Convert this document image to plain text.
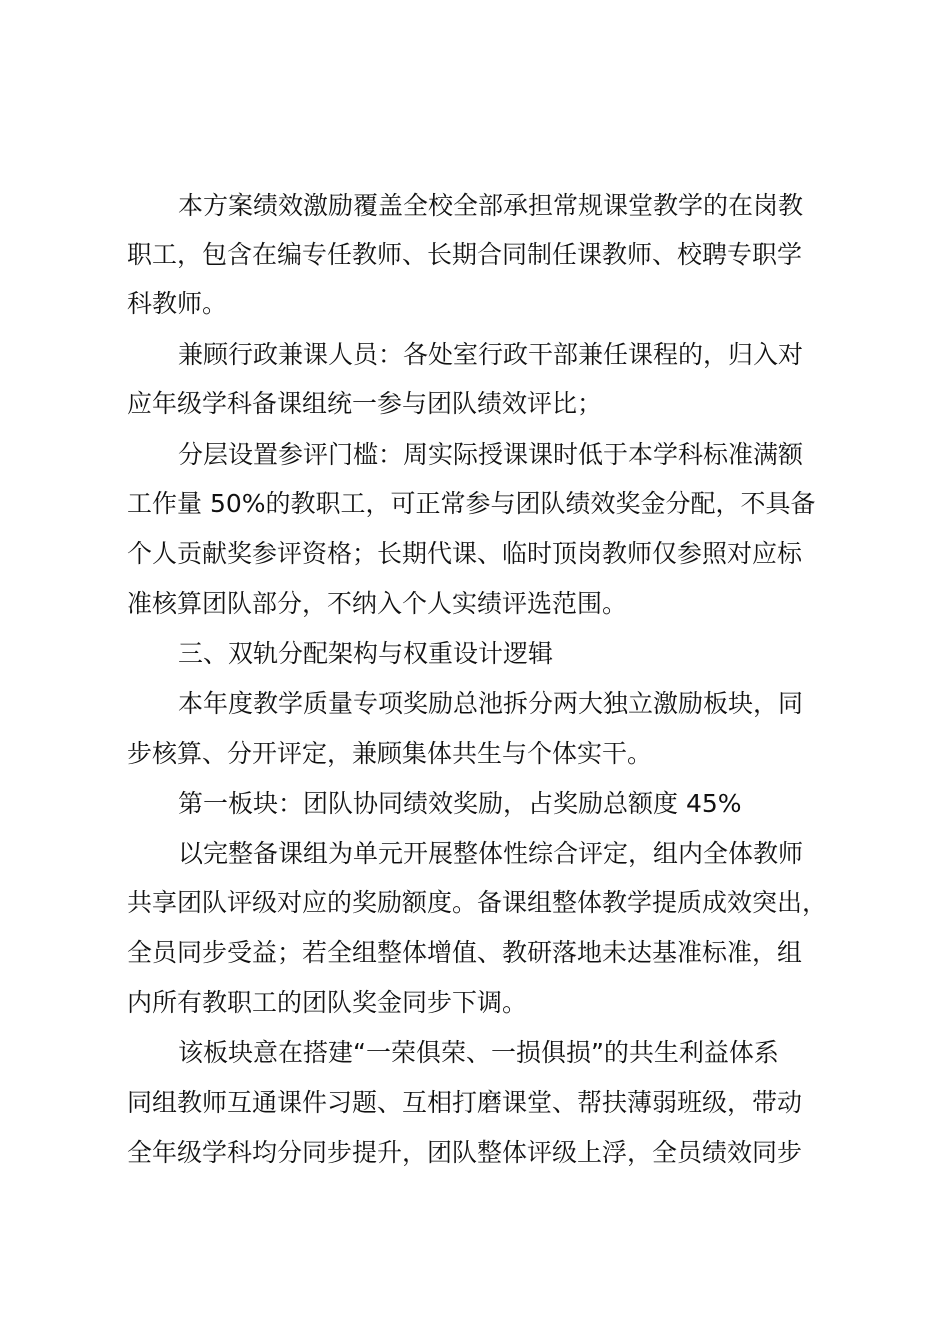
本方案绩效激励覆盖全校全部承担常规课堂教学的在岗教
职工，包含在编专任教师、长期合同制任课教师、校聘专职学
科教师。
兼顾行政兼课人员：各处室行政干部兼任课程的，归入对
应年级学科备课组统一参与团队绩效评比；
分层设置参评门槛：周实际授课课时低于本学科标准满额
工作量 50%的教职工，可正常参与团队绩效奖金分配，不具备
个人贡献奖参评资格；长期代课、临时顶岗教师仅参照对应标
准核算团队部分，不纳入个人实绩评选范围。
三、双轨分配架构与权重设计逻辑
本年度教学质量专项奖励总池拆分两大独立激励板块，同
步核算、分开评定，兼顾集体共生与个体实干。
第一板块：团队协同绩效奖励，占奖励总额度 45%
以完整备课组为单元开展整体性综合评定，组内全体教师
共享团队评级对应的奖励额度。备课组整体教学提质成效突出，
全员同步受益；若全组整体增值、教研落地未达基准标准，组
内所有教职工的团队奖金同步下调。
该板块意在搭建“一荣俱荣、一损俱损”的共生利益体系
同组教师互通课件习题、互相打磨课堂、帮扶薄弱班级，带动
全年级学科均分同步提升，团队整体评级上浮，全员绩效同步
